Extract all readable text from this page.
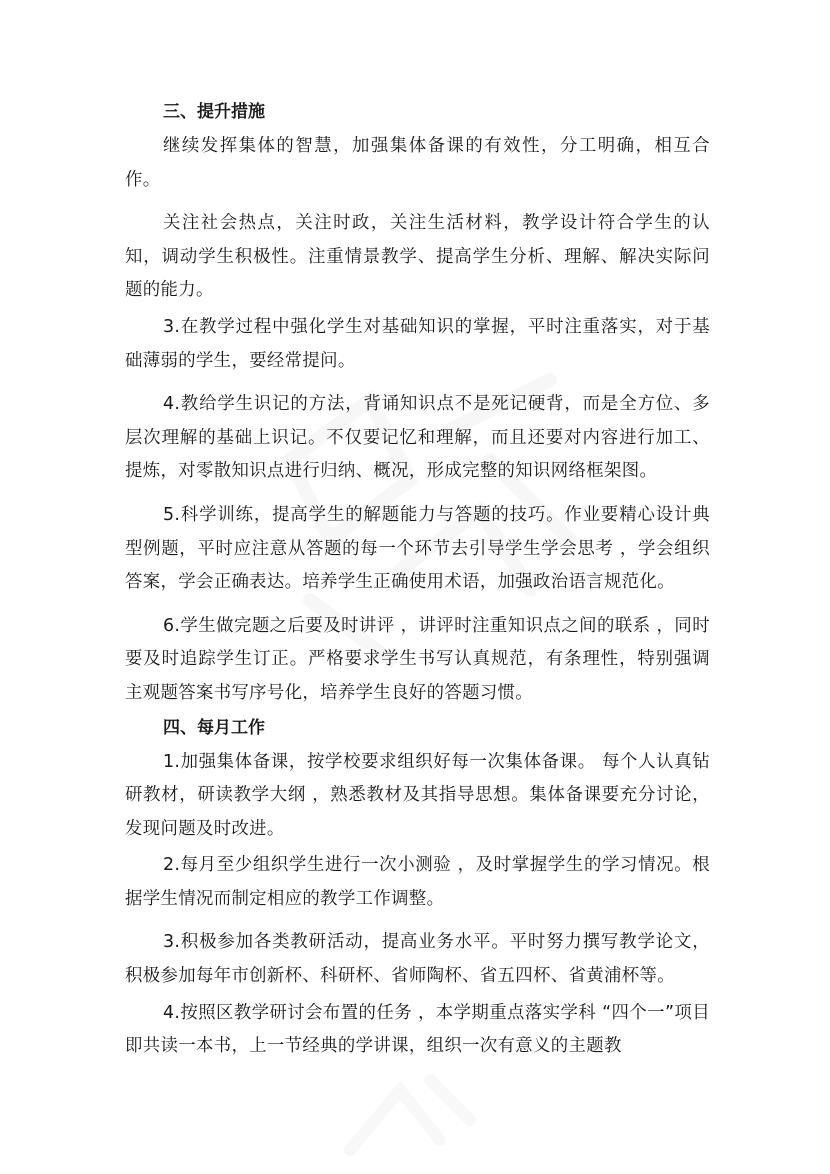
三、提升措施

继续发挥集体的智慧，加强集体备课的有效性，分工明确，相互合作。

关注社会热点，关注时政，关注生活材料，教学设计符合学生的认知，调动学生积极性。注重情景教学、提高学生分析、理解、解决实际问题的能力。

3.在教学过程中强化学生对基础知识的掌握，平时注重落实，对于基础薄弱的学生，要经常提问。

4.教给学生识记的方法，背诵知识点不是死记硬背，而是全方位、多层次理解的基础上识记。不仅要记忆和理解，而且还要对内容进行加工、提炼，对零散知识点进行归纳、概况，形成完整的知识网络框架图。

5.科学训练，提高学生的解题能力与答题的技巧。作业要精心设计典型例题，平时应注意从答题的每一个环节去引导学生学会思考 ，学会组织答案，学会正确表达。培养学生正确使用术语，加强政治语言规范化。

6.学生做完题之后要及时讲评 ，讲评时注重知识点之间的联系 ，同时要及时追踪学生订正。严格要求学生书写认真规范，有条理性，特别强调主观题答案书写序号化，培养学生良好的答题习惯。

四、每月工作

1.加强集体备课，按学校要求组织好每一次集体备课。 每个人认真钻研教材，研读教学大纲 ，熟悉教材及其指导思想。集体备课要充分讨论，发现问题及时改进。

2.每月至少组织学生进行一次小测验 ，及时掌握学生的学习情况。根据学生情况而制定相应的教学工作调整。

3.积极参加各类教研活动，提高业务水平。平时努力撰写教学论文，积极参加每年市创新杯、科研杯、省师陶杯、省五四杯、省黄浦杯等。

4.按照区教学研讨会布置的任务 ，本学期重点落实学科 “四个一”项目即共读一本书，上一节经典的学讲课，组织一次有意义的主题教
